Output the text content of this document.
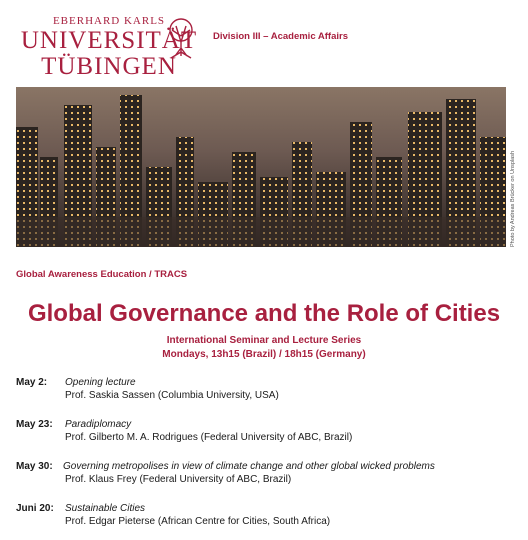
EBERHARD KARLS
UNIVERSITÄT
TÜBINGEN
Division III – Academic Affairs
Photo by Andreas Brücker on Unsplash
Global Awareness Education / TRACS
Global Governance and the Role of Cities
International Seminar and Lecture Series
Mondays, 13h15 (Brazil) / 18h15 (Germany)
May 2: Opening lecture
Prof. Saskia Sassen (Columbia University, USA)
May 23: Paradiplomacy
Prof. Gilberto M. A. Rodrigues (Federal University of ABC, Brazil)
May 30: Governing metropolises in view of climate change and other global wicked problems
Prof. Klaus Frey (Federal University of ABC, Brazil)
Juni 20: Sustainable Cities
Prof. Edgar Pieterse (African Centre for Cities, South Africa)
